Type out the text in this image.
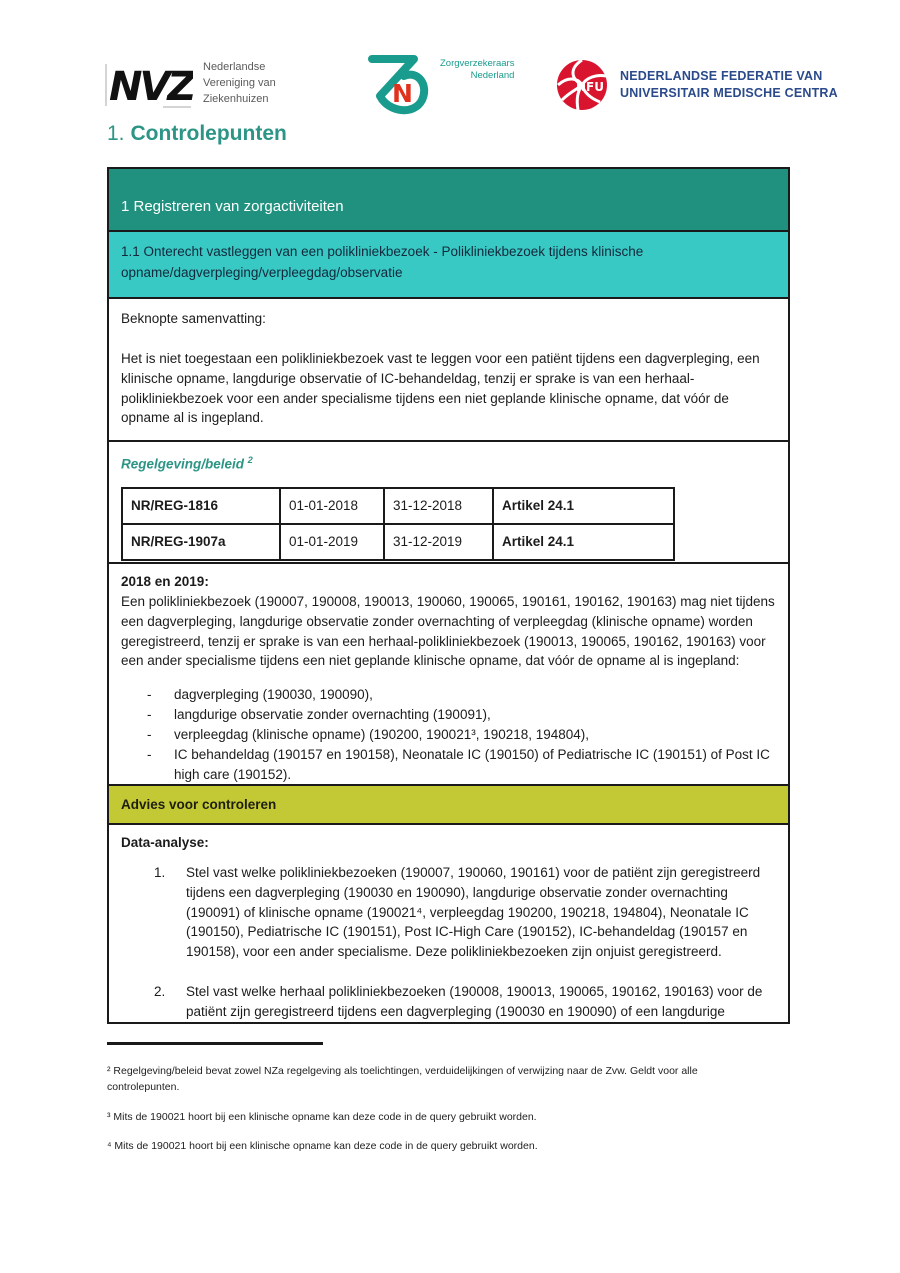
NVZ Nederlandse
Vereniging van
Ziekenhuizen	N
Zorgverzekeraars
Nederland
NFU
NEDERLANDSE FEDERATIE VAN
UNIVERSITAIR MEDISCHE CENTRA
1. Controlepunten
1 Registreren van zorgactiviteiten
1.1 Onterecht vastleggen van een polikliniekbezoek - Polikliniekbezoek tijdens klinische opname/dagverpleging/verpleegdag/observatie

Beknopte samenvatting:

Het is niet toegestaan een polikliniekbezoek vast te leggen voor een patiënt tijdens een dagverpleging, een klinische opname, langdurige observatie of IC-behandeldag, tenzij er sprake is van een herhaal-polikliniekbezoek voor een ander specialisme tijdens een niet geplande klinische opname, dat vóór de opname al is ingepland.

Regelgeving/beleid $^2$

NR/REG-1816	01-01-2018	31-12-2018	Artikel 24.1
NR/REG-1907a	01-01-2019	31-12-2019	Artikel 24.1

2018 en 2019:
Een polikliniekbezoek (190007, 190008, 190013, 190060, 190065, 190161, 190162, 190163) mag niet tijdens een dagverpleging, langdurige observatie zonder overnachting of verpleegdag (klinische opname) worden geregistreerd, tenzij er sprake is van een herhaal-polikliniekbezoek (190013, 190065, 190162, 190163) voor een ander specialisme tijdens een niet geplande klinische opname, dat vóór de opname al is ingepland:

-	dagverpleging (190030, 190090),
-	langdurige observatie zonder overnachting (190091),
-	verpleegdag (klinische opname) (190200, 190021³, 190218, 194804),
-	IC behandeldag (190157 en 190158), Neonatale IC (190150) of Pediatrische IC (190151) of Post IC high care (190152).
Advies voor controleren

Data-analyse:

1.	Stel vast welke polikliniekbezoeken (190007, 190060, 190161) voor de patiënt zijn geregistreerd tijdens een dagverpleging (190030 en 190090), langdurige observatie zonder overnachting (190091) of klinische opname (190021⁴, verpleegdag 190200, 190218, 194804), Neonatale IC (190150), Pediatrische IC (190151), Post IC-High Care (190152), IC-behandeldag (190157 en 190158), voor een ander specialisme. Deze polikliniekbezoeken zijn onjuist geregistreerd.
2.	Stel vast welke herhaal polikliniekbezoeken (190008, 190013, 190065, 190162, 190163) voor de patiënt zijn geregistreerd tijdens een dagverpleging (190030 en 190090) of een langdurige

² Regelgeving/beleid bevat zowel NZa regelgeving als toelichtingen, verduidelijkingen of verwijzing naar de Zvw. Geldt voor alle controlepunten.

³ Mits de 190021 hoort bij een klinische opname kan deze code in de query gebruikt worden.

⁴ Mits de 190021 hoort bij een klinische opname kan deze code in de query gebruikt worden.
